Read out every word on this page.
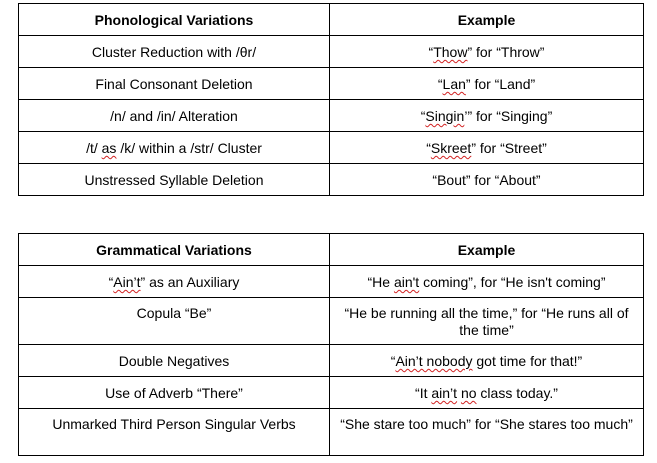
Phonological Variations	Example
Cluster Reduction with /θr/	“Thow” for “Throw”
Final Consonant Deletion	“Lan” for “Land”
/n/ and /in/ Alteration	“Singin’” for “Singing”
/t/ as /k/ within a /str/ Cluster	“Skreet” for “Street”
Unstressed Syllable Deletion	“Bout” for “About”
Grammatical Variations	Example
“Ain’t” as an Auxiliary	“He ain't coming”, for “He isn't coming”
Copula “Be”	“He be running all the time,” for “He runs all of the time”
Double Negatives	“Ain’t nobody got time for that!”
Use of Adverb “There”	“It ain’t no class today.”
Unmarked Third Person Singular Verbs	“She stare too much” for “She stares too much”
